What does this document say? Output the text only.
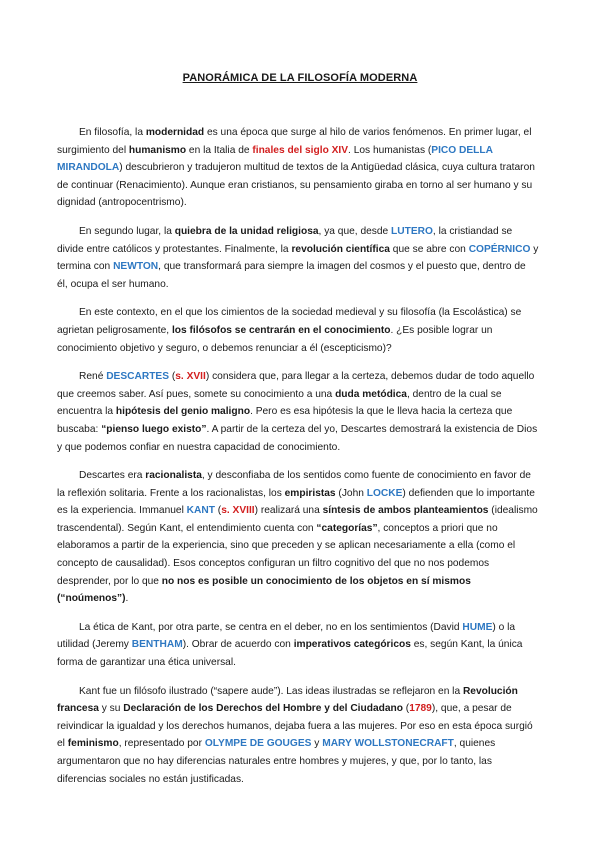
PANORÁMICA DE LA FILOSOFÍA MODERNA

En filosofía, la modernidad es una época que surge al hilo de varios fenómenos. En primer lugar, el surgimiento del humanismo en la Italia de finales del siglo XIV. Los humanistas (PICO DELLA MIRANDOLA) descubrieron y tradujeron multitud de textos de la Antigüedad clásica, cuya cultura trataron de continuar (Renacimiento). Aunque eran cristianos, su pensamiento giraba en torno al ser humano y su dignidad (antropocentrismo).

En segundo lugar, la quiebra de la unidad religiosa, ya que, desde LUTERO, la cristiandad se divide entre católicos y protestantes. Finalmente, la revolución científica que se abre con COPÉRNICO y termina con NEWTON, que transformará para siempre la imagen del cosmos y el puesto que, dentro de él, ocupa el ser humano.

En este contexto, en el que los cimientos de la sociedad medieval y su filosofía (la Escolástica) se agrietan peligrosamente, los filósofos se centrarán en el conocimiento. ¿Es posible lograr un conocimiento objetivo y seguro, o debemos renunciar a él (escepticismo)?

René DESCARTES (s. XVII) considera que, para llegar a la certeza, debemos dudar de todo aquello que creemos saber. Así pues, somete su conocimiento a una duda metódica, dentro de la cual se encuentra la hipótesis del genio maligno. Pero es esa hipótesis la que le lleva hacia la certeza que buscaba: “pienso luego existo”. A partir de la certeza del yo, Descartes demostrará la existencia de Dios y que podemos confiar en nuestra capacidad de conocimiento.

Descartes era racionalista, y desconfiaba de los sentidos como fuente de conocimiento en favor de la reflexión solitaria. Frente a los racionalistas, los empiristas (John LOCKE) defienden que lo importante es la experiencia. Immanuel KANT (s. XVIII) realizará una síntesis de ambos planteamientos (idealismo trascendental). Según Kant, el entendimiento cuenta con “categorías”, conceptos a priori que no elaboramos a partir de la experiencia, sino que preceden y se aplican necesariamente a ella (como el concepto de causalidad). Esos conceptos configuran un filtro cognitivo del que no nos podemos desprender, por lo que no nos es posible un conocimiento de los objetos en sí mismos (“noúmenos”).

La ética de Kant, por otra parte, se centra en el deber, no en los sentimientos (David HUME) o la utilidad (Jeremy BENTHAM). Obrar de acuerdo con imperativos categóricos es, según Kant, la única forma de garantizar una ética universal.

Kant fue un filósofo ilustrado (“sapere aude”). Las ideas ilustradas se reflejaron en la Revolución francesa y su Declaración de los Derechos del Hombre y del Ciudadano (1789), que, a pesar de reivindicar la igualdad y los derechos humanos, dejaba fuera a las mujeres. Por eso en esta época surgió el feminismo, representado por OLYMPE DE GOUGES y MARY WOLLSTONECRAFT, quienes argumentaron que no hay diferencias naturales entre hombres y mujeres, y que, por lo tanto, las diferencias sociales no están justificadas.
